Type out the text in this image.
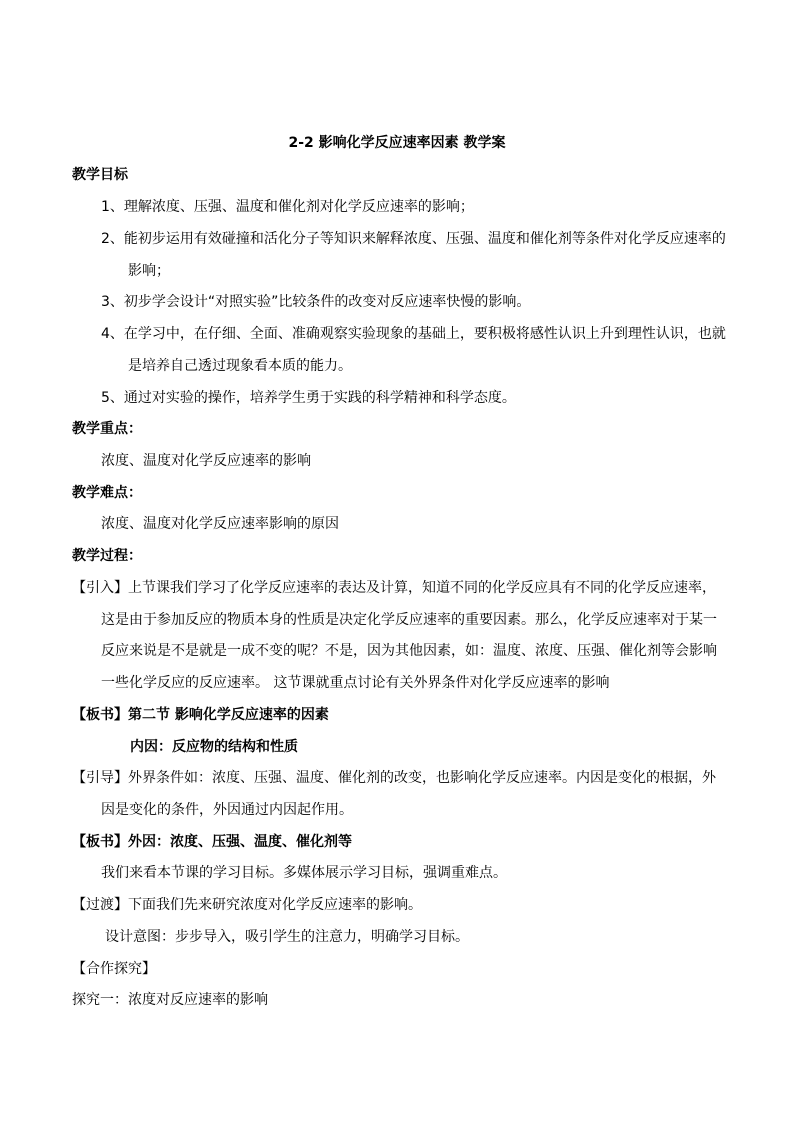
2-2 影响化学反应速率因素 教学案
教学目标
1、理解浓度、压强、温度和催化剂对化学反应速率的影响；
2、能初步运用有效碰撞和活化分子等知识来解释浓度、压强、温度和催化剂等条件对化学反应速率的
影响；
3、初步学会设计“对照实验”比较条件的改变对反应速率快慢的影响。
4、在学习中，在仔细、全面、准确观察实验现象的基础上，要积极将感性认识上升到理性认识，也就
是培养自己透过现象看本质的能力。
5、通过对实验的操作，培养学生勇于实践的科学精神和科学态度。
教学重点：
浓度、温度对化学反应速率的影响
教学难点：
浓度、温度对化学反应速率影响的原因
教学过程：
【引入】上节课我们学习了化学反应速率的表达及计算，知道不同的化学反应具有不同的化学反应速率，
这是由于参加反应的物质本身的性质是决定化学反应速率的重要因素。那么，化学反应速率对于某一
反应来说是不是就是一成不变的呢？不是，因为其他因素，如：温度、浓度、压强、催化剂等会影响
一些化学反应的反应速率。 这节课就重点讨论有关外界条件对化学反应速率的影响
【板书】第二节 影响化学反应速率的因素
内因：反应物的结构和性质
【引导】外界条件如：浓度、压强、温度、催化剂的改变，也影响化学反应速率。内因是变化的根据，外
因是变化的条件，外因通过内因起作用。
【板书】外因：浓度、压强、温度、催化剂等
我们来看本节课的学习目标。多媒体展示学习目标，强调重难点。
【过渡】下面我们先来研究浓度对化学反应速率的影响。
设计意图：步步导入，吸引学生的注意力，明确学习目标。
【合作探究】
探究一：浓度对反应速率的影响
